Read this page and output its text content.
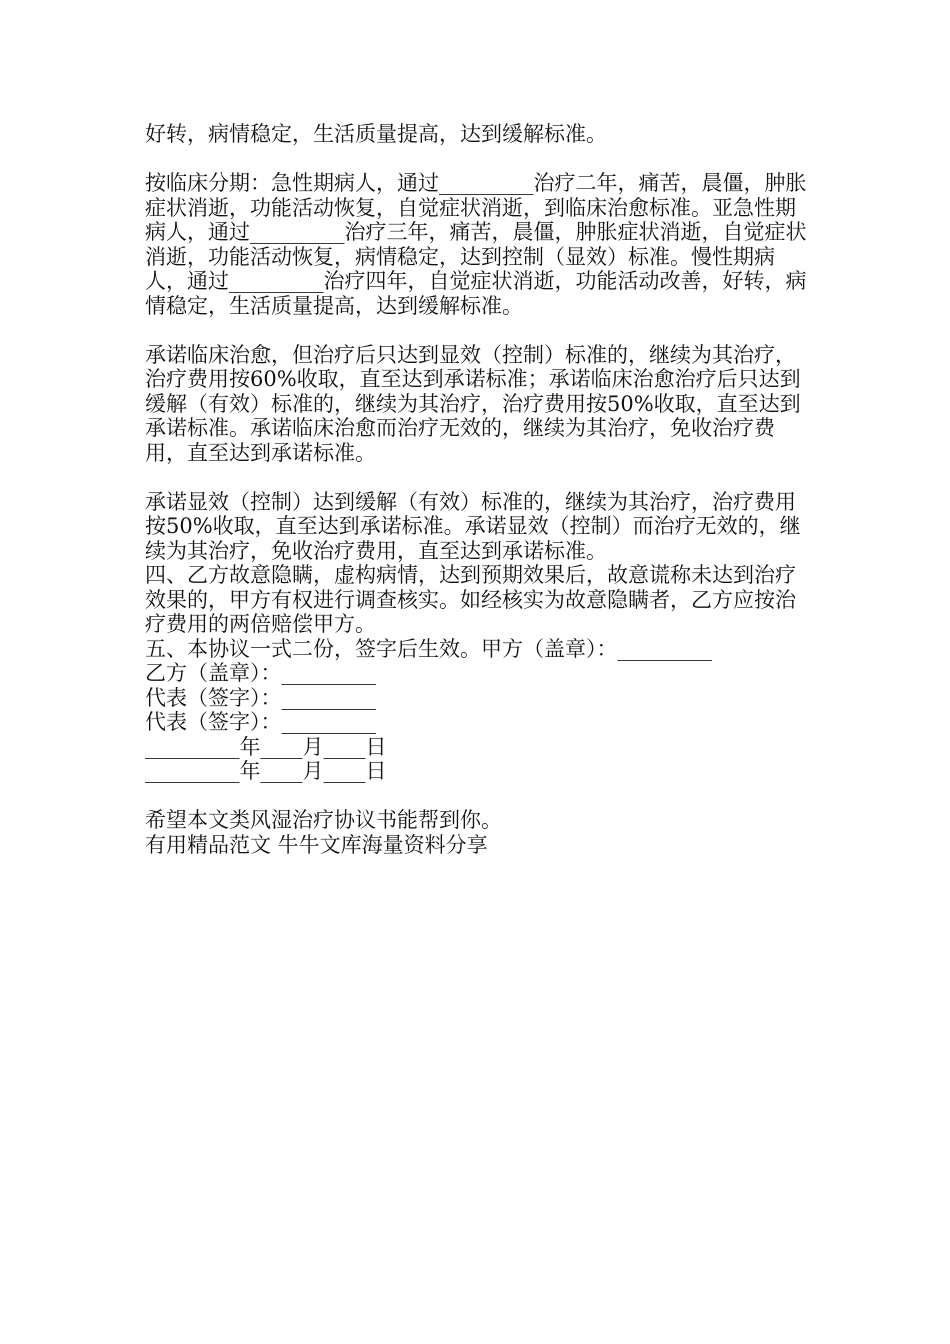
好转，病情稳定，生活质量提高，达到缓解标准。

按临床分期：急性期病人，通过_________治疗二年，痛苦，晨僵，肿胀症状消逝，功能活动恢复，自觉症状消逝，到临床治愈标准。亚急性期病人，通过_________治疗三年，痛苦，晨僵，肿胀症状消逝，自觉症状消逝，功能活动恢复，病情稳定，达到控制（显效）标准。慢性期病人，通过_________治疗四年，自觉症状消逝，功能活动改善，好转，病情稳定，生活质量提高，达到缓解标准。

承诺临床治愈，但治疗后只达到显效（控制）标准的，继续为其治疗，治疗费用按60%收取，直至达到承诺标准；承诺临床治愈治疗后只达到缓解（有效）标准的，继续为其治疗，治疗费用按50%收取，直至达到承诺标准。承诺临床治愈而治疗无效的，继续为其治疗，免收治疗费用，直至达到承诺标准。

承诺显效（控制）达到缓解（有效）标准的，继续为其治疗，治疗费用按50%收取，直至达到承诺标准。承诺显效（控制）而治疗无效的，继续为其治疗，免收治疗费用，直至达到承诺标准。

四、乙方故意隐瞒，虚构病情，达到预期效果后，故意谎称未达到治疗效果的，甲方有权进行调查核实。如经核实为故意隐瞒者，乙方应按治疗费用的两倍赔偿甲方。

五、本协议一式二份，签字后生效。甲方（盖章）：_________

乙方（盖章）：_________

代表（签字）：_________

代表（签字）：_________

_________年____月____日

_________年____月____日

希望本文类风湿治疗协议书能帮到你。

有用精品范文 牛牛文库海量资料分享
